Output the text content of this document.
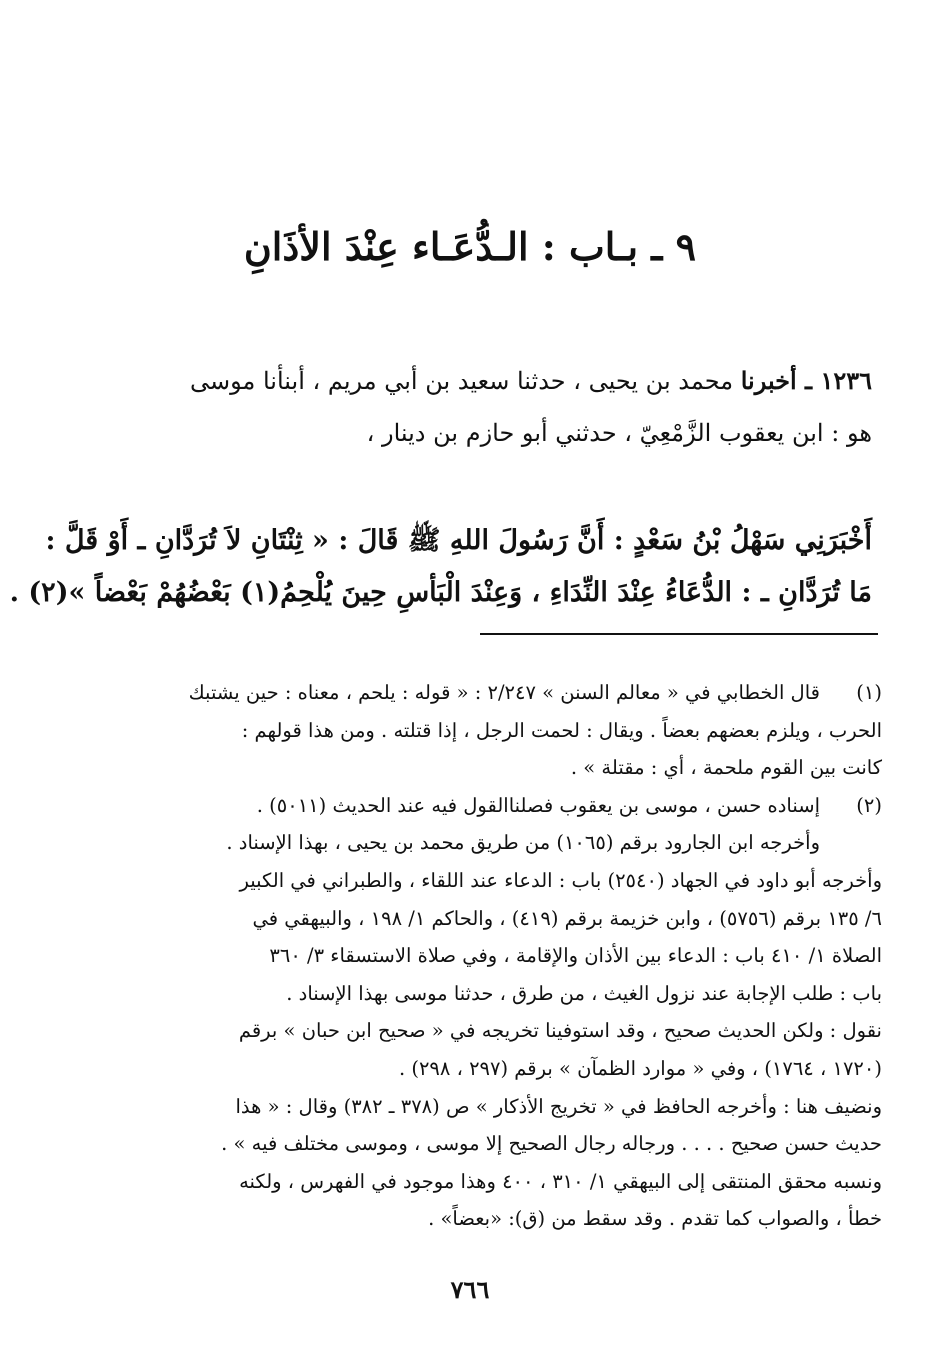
٩ ـ بـاب : الـدُّعَـاء عِنْدَ الأذَانِ
١٢٣٦ ـ أخبرنا محمد بن يحيى ، حدثنا سعيد بن أبي مريم ، أبنأنا موسى
هو : ابن يعقوب الزَّمْعِيّ ، حدثني أبو حازم بن دينار ،
أَخْبَرَنِي سَهْلُ بْنُ سَعْدٍ : أَنَّ رَسُولَ اللهِ ﷺ قَالَ : « ثِنْتَانِ لاَ تُرَدَّانِ ـ أَوْ قَلَّ :
مَا تُرَدَّانِ ـ : الدُّعَاءُ عِنْدَ النِّدَاءِ ، وَعِنْدَ الْبَأسِ حِينَ يُلْحِمُ(١) بَعْضُهُمْ بَعْضاً »(٢) .
(١)
قال الخطابي في « معالم السنن » ٢/٢٤٧ : « قوله : يلحم ، معناه : حين يشتبك
الحرب ، ويلزم بعضهم بعضاً . ويقال : لحمت الرجل ، إذا قتلته . ومن هذا قولهم :
كانت بين القوم ملحمة ، أي : مقتلة » .
(٢)
إسناده حسن ، موسى بن يعقوب فصلناالقول فيه عند الحديث (٥٠١١) .
وأخرجه ابن الجارود برقم (١٠٦٥) من طريق محمد بن يحيى ، بهذا الإسناد .
وأخرجه أبو داود في الجهاد (٢٥٤٠) باب : الدعاء عند اللقاء ، والطبراني في الكبير
٦/ ١٣٥ برقم (٥٧٥٦) ، وابن خزيمة برقم (٤١٩) ، والحاكم ١/ ١٩٨ ، والبيهقي في
الصلاة ١/ ٤١٠ باب : الدعاء بين الأذان والإقامة ، وفي صلاة الاستسقاء ٣/ ٣٦٠
باب : طلب الإجابة عند نزول الغيث ، من طرق ، حدثنا موسى بهذا الإسناد .
نقول : ولكن الحديث صحيح ، وقد استوفينا تخريجه في « صحيح ابن حبان » برقم
(١٧٢٠ ، ١٧٦٤) ، وفي « موارد الظمآن » برقم (٢٩٧ ، ٢٩٨) .
ونضيف هنا : وأخرجه الحافظ في « تخريج الأذكار » ص (٣٧٨ ـ ٣٨٢) وقال : « هذا
حديث حسن صحيح . . . . ورجاله رجال الصحيح إلا موسى ، وموسى مختلف فيه » .
ونسبه محقق المنتقى إلى البيهقي ١/ ٣١٠ ، ٤٠٠ وهذا موجود في الفهرس ، ولكنه
خطأ ، والصواب كما تقدم . وقد سقط من (ق): «بعضاً» .
٧٦٦
